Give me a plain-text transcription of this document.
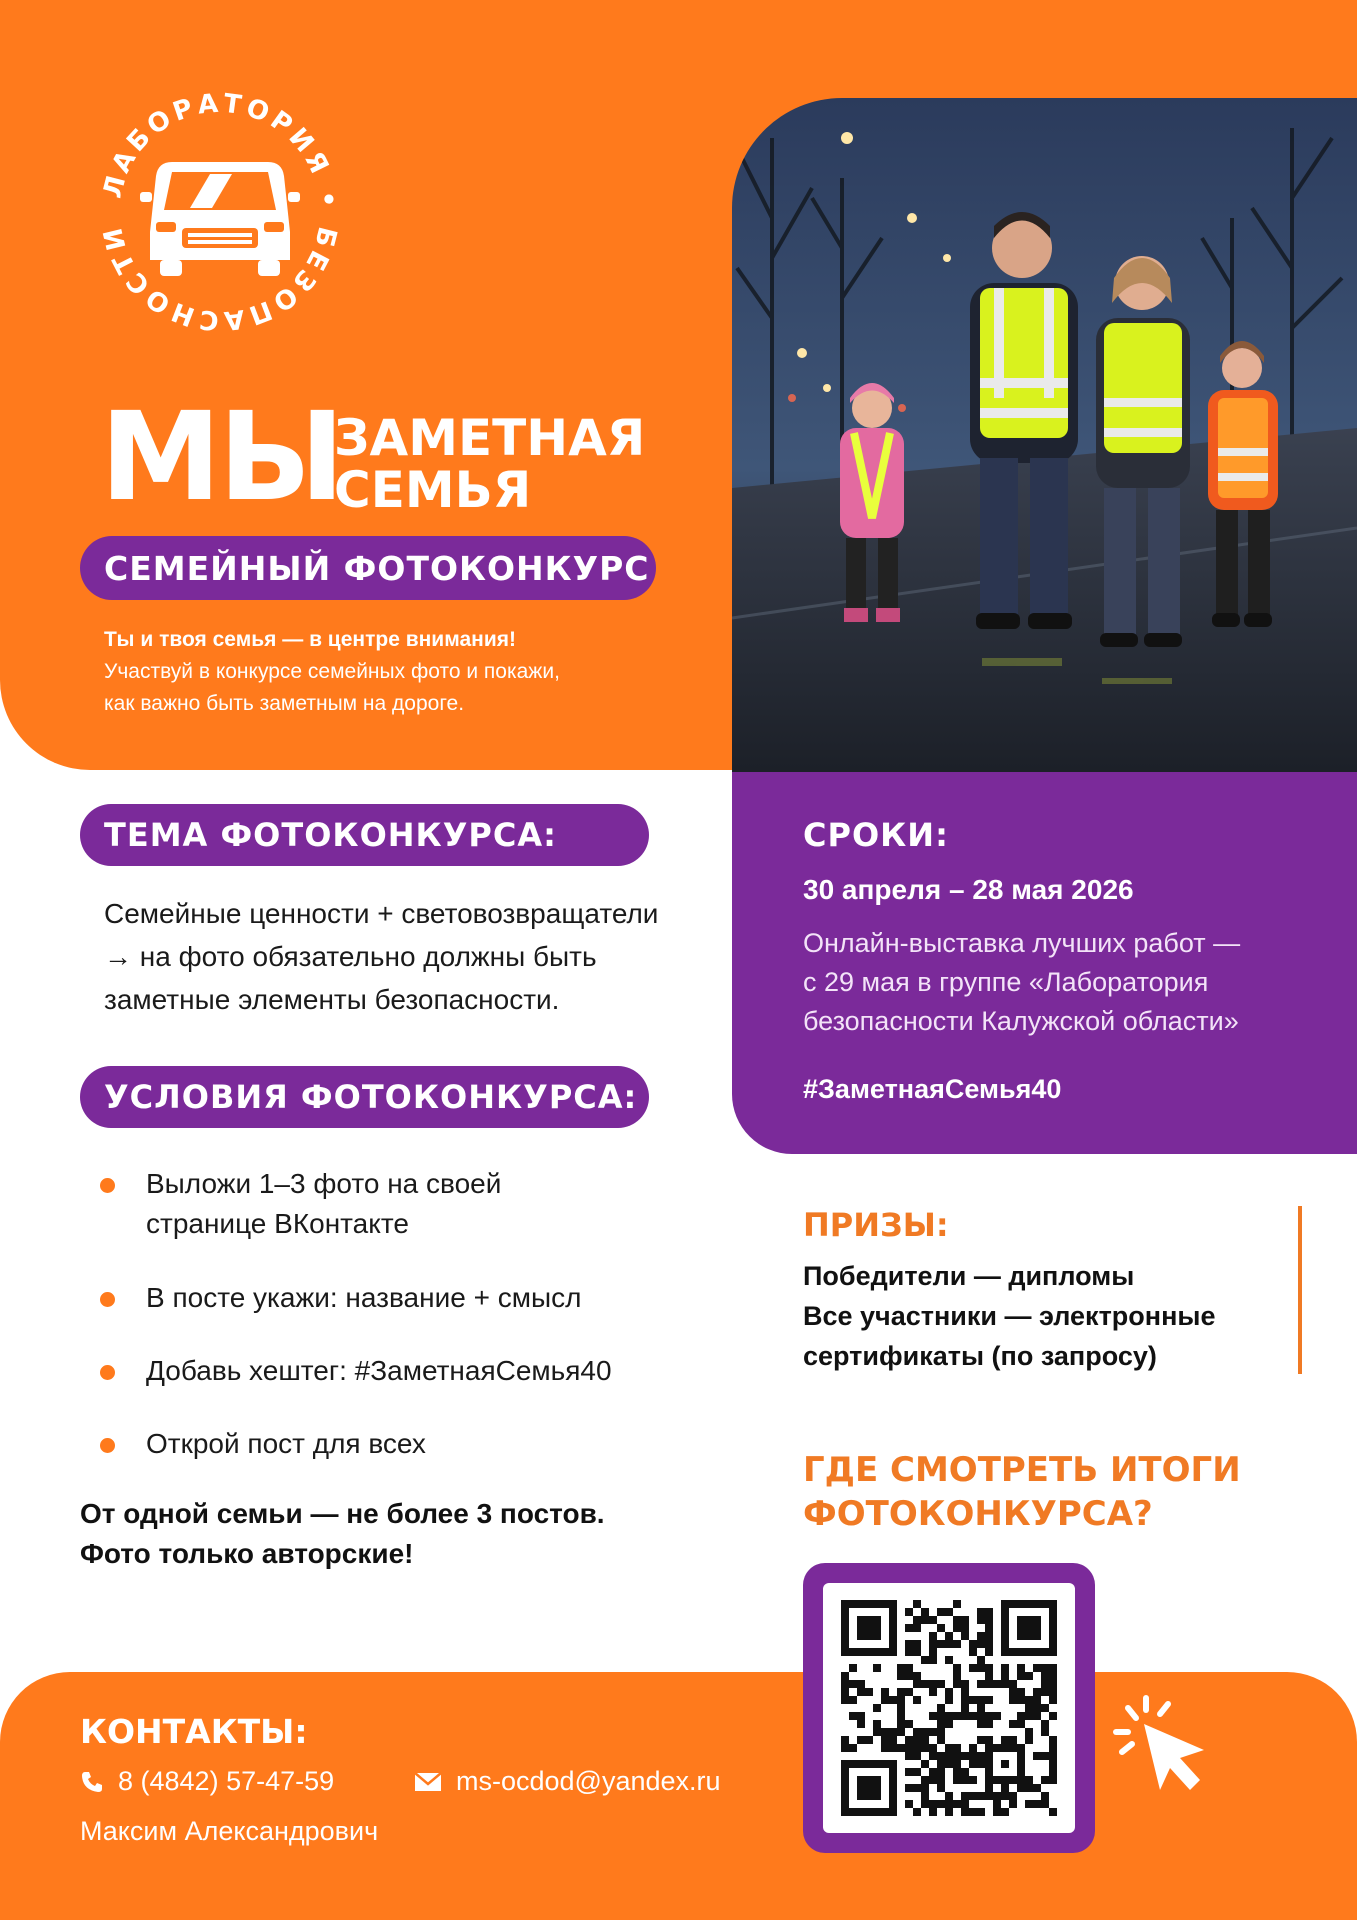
ЛАБОРАТОРИЯ БЕЗОПАСНОСТИ
МЫ
ЗАМЕТНАЯ
СЕМЬЯ
СЕМЕЙНЫЙ ФОТОКОНКУРС
Ты и твоя семья — в центре внимания!
Участвуй в конкурсе семейных фото и покажи,
как важно быть заметным на дороге.
ТЕМА ФОТОКОНКУРСА:
Семейные ценности + световозвращатели
→ на фото обязательно должны быть
заметные элементы безопасности.
УСЛОВИЯ ФОТОКОНКУРСА:
Выложи 1–3 фото на своей
странице ВКонтакте
В посте укажи: название + смысл
Добавь хештег: #ЗаметнаяСемья40
Открой пост для всех
От одной семьи — не более 3 постов.
Фото только авторские!
СРОКИ:
30 апреля – 28 мая 2026
Онлайн-выставка лучших работ —
с 29 мая в группе «Лаборатория
безопасности Калужской области»
#ЗаметнаяСемья40
ПРИЗЫ:
Победители — дипломы
Все участники — электронные
сертификаты (по запросу)
ГДЕ СМОТРЕТЬ ИТОГИ
ФОТОКОНКУРСА?
КОНТАКТЫ:
8 (4842) 57-47-59	ms-ocdod@yandex.ru
Максим Александрович
